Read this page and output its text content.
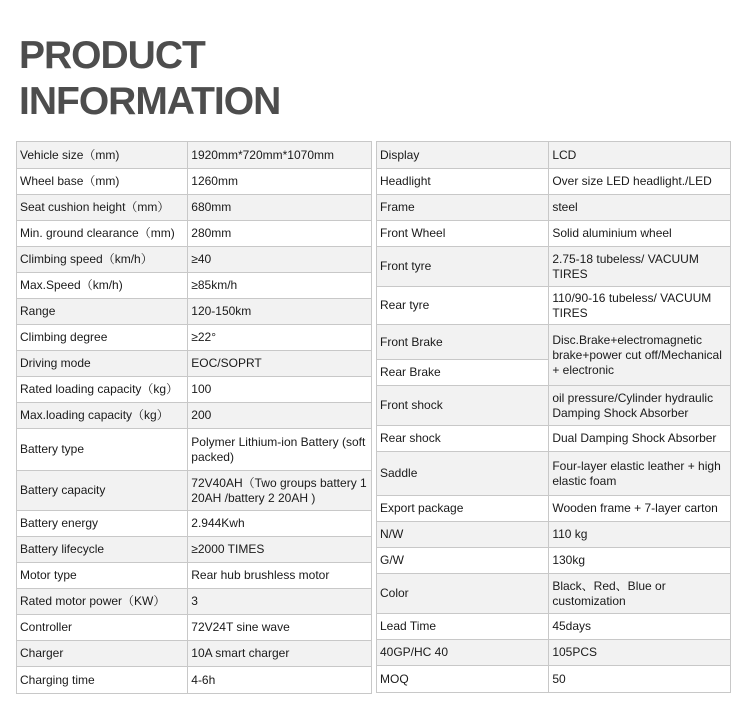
PRODUCT
INFORMATION
Vehicle size（mm)	1920mm*720mm*1070mm
Wheel base（mm)	1260mm
Seat cushion height（mm）	680mm
Min. ground clearance（mm)	280mm
Climbing speed（km/h）	≥40
Max.Speed（km/h)	≥85km/h
Range	120-150km
Climbing degree	≥22°
Driving mode	EOC/SOPRT
Rated loading capacity（kg）	100
Max.loading capacity（kg）	200
Battery type	Polymer Lithium-ion Battery (soft packed)
Battery capacity	72V40AH（Two groups battery 1 20AH /battery 2 20AH )
Battery energy	2.944Kwh
Battery lifecycle	≥2000 TIMES
Motor type	Rear hub brushless motor
Rated motor power（KW）	3
Controller	72V24T sine wave
Charger	10A smart charger
Charging time	4-6h
Display	LCD
Headlight	Over size LED headlight./LED
Frame	steel
Front Wheel	Solid aluminium wheel
Front tyre	2.75-18 tubeless/ VACUUM TIRES
Rear tyre	110/90-16 tubeless/ VACUUM TIRES
Front Brake	Disc.Brake+electromagnetic brake+power cut off/Mechanical + electronic
Rear Brake	
Front shock	oil pressure/Cylinder hydraulic Damping Shock Absorber
Rear shock	Dual Damping Shock Absorber
Saddle	Four-layer elastic leather + high elastic foam
Export package	Wooden frame + 7-layer carton
N/W	110 kg
G/W	130kg
Color	Black、Red、Blue or customization
Lead Time	45days
40GP/HC 40	105PCS
MOQ	50
